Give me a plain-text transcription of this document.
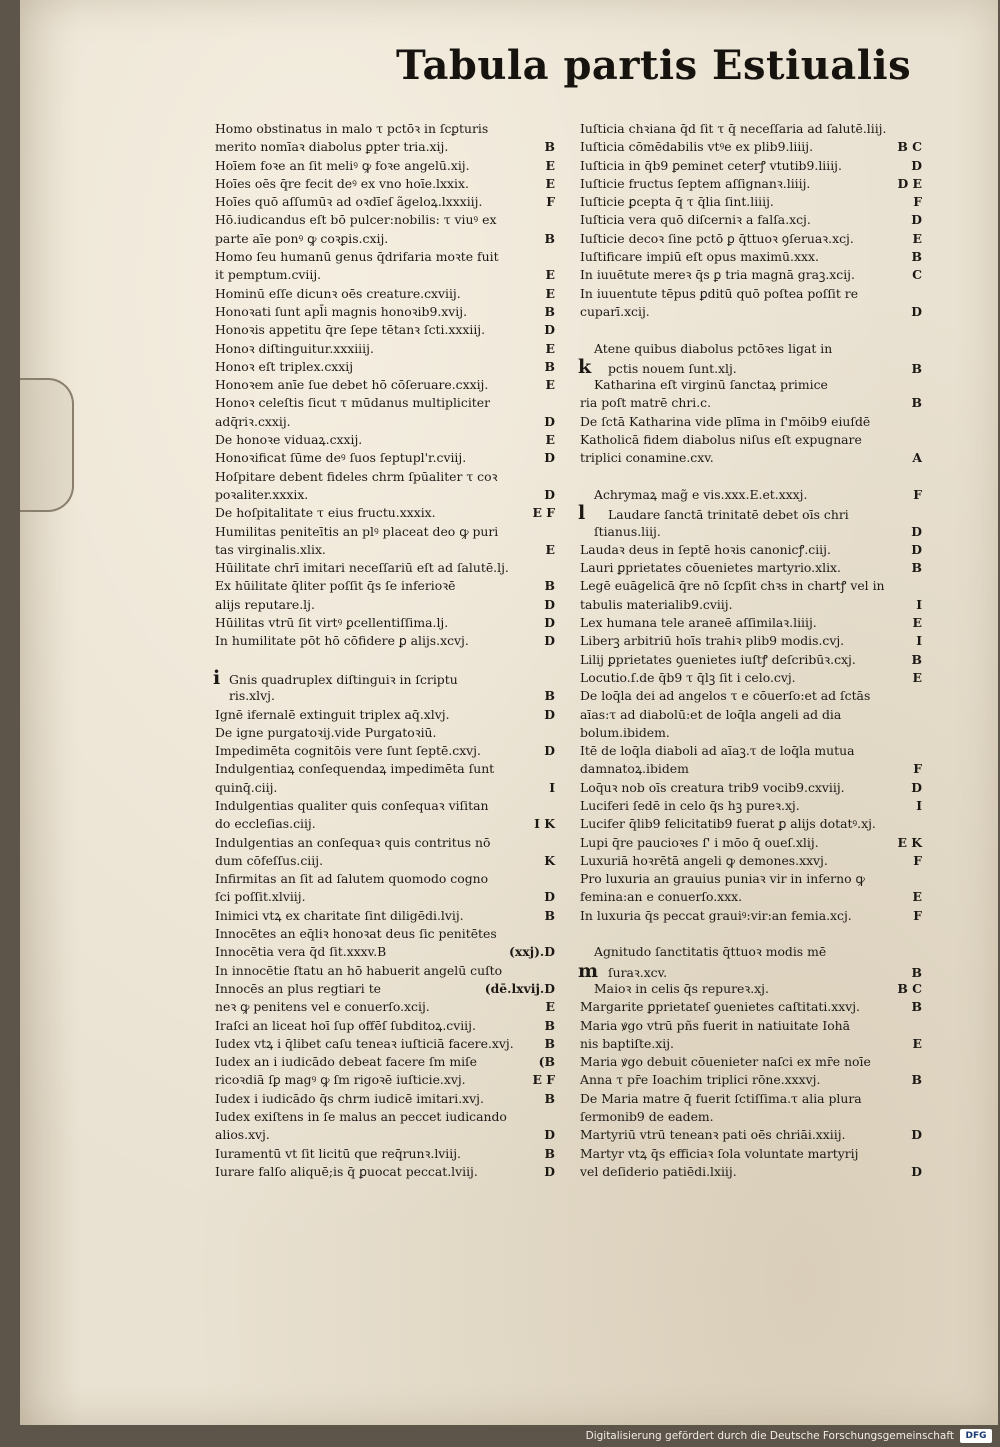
Tabula partis Estiualis
Homo obstinatus in malo τ pctōꝛ in ſcꝑturis
merito nomīaꝛ diabolus ꝑpter tria.xij.	B
Hoīem foꝛe an ſit meliꝰ ꝙ foꝛe angelū.xij.	E
Hoīes oēs q̄re fecit deꝰ ex vno hoīe.lxxix.	E
Hoīes quō aſſumūꝛ ad oꝛdīeſ ãgeloꝝ.lxxxiij.	F
Hō.iudicandus eſt bō pulcer:nobilis: τ viuꝰ ex
parte aīe ponꝰ ꝙ coꝛꝑis.cxij.	B
Homo ſeu humanū genus q̄drifaria moꝛte fuit
it pemptum.cviij.	E
Hominū eſſe dicunꝛ oēs creature.cxviij.	E
Honoꝛati ſunt apl̄i magnis honoꝛib9.xvij.	B
Honoꝛis appetitu q̄re ſepe tētanꝛ ſcti.xxxiij.	D
Honoꝛ diſtinguitur.xxxiiij.	E
Honoꝛ eſt triplex.cxxij	B
Honoꝛem anīe ſue debet hō cōſeruare.cxxij.	E
Honoꝛ celeſtis ſicut τ mūdanus multipliciter
adq̄riꝛ.cxxij.	D
De honoꝛe viduaꝝ.cxxij.	E
Honoꝛificat ſūme deꝰ ſuos ſeptupl'r.cviij.	D
Hoſpitare debent fideles chrm ſpūaliter τ coꝛ
poꝛaliter.xxxix.	D
De hoſpitalitate τ eius fructu.xxxix.	E F
Humilitas peniteītis an plꝰ placeat deo ꝙ puri
tas virginalis.xlix.	E
Hūilitate chrī imitari neceſſariū eſt ad ſalutē.lj.
Ex hūilitate q̄liter poſſit q̄s ſe inferioꝛē	B
alijs reputare.lj.	D
Hūilitas vtrū ſit virtꝰ ꝑcellentiſſima.lj.	D
In humilitate pōt hō cōfidere ꝑ alijs.xcvj.	D
i Gnis quadruplex diſtinguiꝛ in ſcriptu
ris.xlvj.	B
Ignē ifernalē extinguit triplex aq̄.xlvj.	D
De igne purgatoꝛij.vide Purgatoꝛiū.
Impedimēta cognitōis vere ſunt ſeptē.cxvj.	D
Indulgentiaꝝ conſequendaꝝ impedimēta ſunt
quinq̄.ciij.	I
Indulgentias qualiter quis conſequaꝛ viſitan
do eccleſias.ciij.	I K
Indulgentias an conſequaꝛ quis contritus nō
dum cōfeſſus.ciij.	K
Infirmitas an ſit ad ſalutem quomodo cogno
ſci poſſit.xlviij.	D
Inimici vtꝝ ex charitate ſint diligēdi.lvij.	B
Innocētes an eq̄liꝛ honoꝛat deus ſic penitētes
Innocētia vera q̄d ſit.xxxv.B	(xxj).D
In innocētie ſtatu an hō habuerit angelū cuſto
Innocēs an plus regtiari te	(dē.lxvij.D
neꝛ ꝙ penitens vel e conuerſo.xcij.	E
Iraſci an liceat hoī ſup offēſ ſubditoꝝ.cviij.	B
Iudex vtꝝ i q̄libet caſu teneaꝛ iuſticiā facere.xvj.	B
Iudex an i iudicādo debeat facere ſm miſe	(B
ricoꝛdiā ſꝑ magꝰ ꝙ ſm rigoꝛē iuſticie.xvj.	E F
Iudex i iudicādo q̄s chrm iudicē imitari.xvj.	B
Iudex exiſtens in ſe malus an peccet iudicando
alios.xvj.	D
Iuramentū vt ſit licitū que req̄runꝛ.lviij.	B
Iurare falſo aliquē;is q̄ ꝑuocat peccat.lviij.	D
Iuſticia chꝛiana q̄d ſit τ q̄ neceſſaria ad ſalutē.liij.
Iuſticia cōmēdabilis vtꝰe ex plib9.liiij.	B C
Iuſticia in q̄b9 ꝑeminet ceterꝭ vtutib9.liiij.	D
Iuſticie fructus ſeptem aſſignanꝛ.liiij.	D E
Iuſticie ꝑcepta q̄ τ q̄lia ſint.liiij.	F
Iuſticia vera quō diſcerniꝛ a falſa.xcj.	D
Iuſticie decoꝛ ſine pctō ꝑ q̄ttuoꝛ ꝯſeruaꝛ.xcj.	E
Iuſtificare impiū eſt opus maximū.xxx.	B
In iuuētute mereꝛ q̄s ꝑ tria magnā graꝫ.xcij.	C
In iuuentute tēpus ꝑditū quō poſtea poſſit re
cuparī.xcij.	D
Atene quibus diabolus pctōꝛes ligat in
k	pctis nouem ſunt.xlj.	B
Katharina eſt virginū ſanctaꝝ primice
ria poſt matrē chri.c.	B
De ſctā Katharina vide plīma in ſ'mōib9 eiuſdē
Katholicā fidem diabolus niſus eſt expugnare
triplici conamine.cxv.	A
Achrymaꝝ mag̃ e vis.xxx.E.et.xxxj.	F
l	Laudare ſanctā trinitatē debet oīs chri
ſtianus.liij.	D
Laudaꝛ deus in ſeptē hoꝛis canonicꝭ.ciij.	D
Lauri ꝑprietates cōuenietes martyrio.xlix.	B
Legē euāgelicā q̄re nō ſcpſit chꝛs in chartꝭ vel in
tabulis materialib9.cviij.	I
Lex humana tele araneē aſſimilaꝛ.liiij.	E
Liberꝫ arbitriū hoīs trahiꝛ plib9 modis.cvj.	I
Lilij ꝑprietates ꝯuenietes iuſtꝭ deſcribūꝛ.cxj.	B
Locutio.ſ.de q̄b9 τ q̄lꝫ ſit i celo.cvj.	E
De loq̄la dei ad angelos τ e cōuerſo:et ad ſctās
aīas:τ ad diabolū:et de loq̄la angeli ad dia
bolum.ibidem.
Itē de loq̄la diaboli ad aīaꝫ.τ de loq̄la mutua
damnatoꝝ.ibidem	F
Loq̄uꝛ nob oīs creatura trib9 vocib9.cxviij.	D
Luciferi ſedē in celo q̄s hꝫ pureꝛ.xj.	I
Lucifer q̄lib9 felicitatib9 fuerat ꝑ alijs dotatꝰ.xj.
Lupi q̄re paucioꝛes ſ' i mōo q̄ oueſ.xlij.	E K
Luxuriā hoꝛrētā angeli ꝙ demones.xxvj.	F
Pro luxuria an grauius puniaꝛ vir in inferno ꝙ
femina:an e conuerſo.xxx.	E
In luxuria q̄s peccat grauiꝰ:vir:an femia.xcj.	F
Agnitudo ſanctitatis q̄ttuoꝛ modis mē
m ſuraꝛ.xcv.	B
Maioꝛ in celis q̄s repureꝛ.xj.	B C
Margarite ꝑprietateſ ꝯuenietes caſtitati.xxvj.	B
Maria ꝟgo vtrū pñs fuerit in natiuitate Iohā
nis baptiſte.xij.	E
Maria ꝟgo debuit cōuenieter naſci ex mr̄e noīe
Anna τ pr̄e Ioachim triplici rōne.xxxvj.	B
De Maria matre q̄ fuerit ſctiſſima.τ alia plura
ſermonib9 de eadem.
Martyriū vtrū teneanꝛ pati oēs chriāi.xxiij.	D
Martyr vtꝝ q̄s efficiaꝛ ſola voluntate martyrij
vel deſiderio patiēdi.lxiij.	D
Digitalisierung gefördert durch die Deutsche Forschungsgemeinschaft	DFG
